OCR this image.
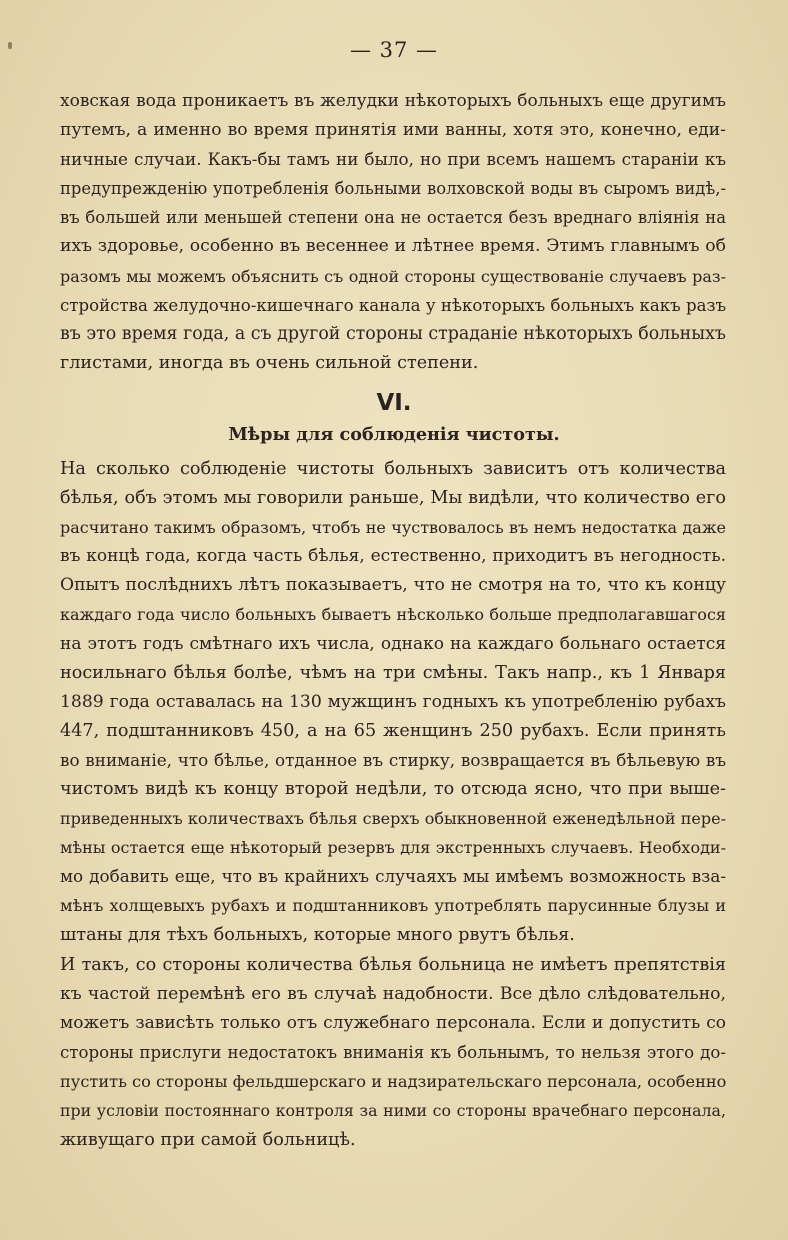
— 37 —
ховская вода проникаетъ въ желудки нѣкоторыхъ больныхъ еще другимъ
путемъ, а именно во время принятія ими ванны, хотя это, конечно, еди-
ничные случаи. Какъ-бы тамъ ни было, но при всемъ нашемъ стараніи къ
предупрежденію употребленія больными волховской воды въ сыромъ видѣ,-
въ большей или меньшей степени она не остается безъ вреднаго вліянія на
ихъ здоровье, особенно въ весеннее и лѣтнее время. Этимъ главнымъ об
разомъ мы можемъ объяснить съ одной стороны существованіе случаевъ раз-
стройства желудочно-кишечнаго канала у нѣкоторыхъ больныхъ какъ разъ
въ это время года, а съ другой стороны страданіе нѣкоторыхъ больныхъ
глистами, иногда въ очень сильной степени.
VI.
Мѣры для соблюденія чистоты.
На сколько соблюденіе чистоты больныхъ зависитъ отъ количества
бѣлья, объ этомъ мы говорили раньше, Мы видѣли, что количество его
расчитано такимъ образомъ, чтобъ не чуствовалось въ немъ недостатка даже
въ концѣ года, когда часть бѣлья, естественно, приходитъ въ негодность.
Опытъ послѣднихъ лѣтъ показываетъ, что не смотря на то, что къ концу
каждаго года число больныхъ бываетъ нѣсколько больше предполагавшагося
на этотъ годъ смѣтнаго ихъ числа, однако на каждаго больнаго остается
носильнаго бѣлья болѣе, чѣмъ на три смѣны. Такъ напр., къ 1 Января
1889 года оставалась на 130 мужщинъ годныхъ къ употребленію рубахъ
447, подштанниковъ 450, а на 65 женщинъ 250 рубахъ. Если принять
во вниманіе, что бѣлье, отданное въ стирку, возвращается въ бѣльевую въ
чистомъ видѣ къ концу второй недѣли, то отсюда ясно, что при выше-
приведенныхъ количествахъ бѣлья сверхъ обыкновенной еженедѣльной пере-
мѣны остается еще нѣкоторый резервъ для экстренныхъ случаевъ. Необходи-
мо добавить еще, что въ крайнихъ случаяхъ мы имѣемъ возможность вза-
мѣнъ холщевыхъ рубахъ и подштанниковъ употреблять парусинные блузы и
штаны для тѣхъ больныхъ, которые много рвутъ бѣлья.
И такъ, со стороны количества бѣлья больница не имѣетъ препятствія
къ частой перемѣнѣ его въ случаѣ надобности. Все дѣло слѣдовательно,
можетъ зависѣть только отъ служебнаго персонала. Если и допустить со
стороны прислуги недостатокъ вниманія къ больнымъ, то нельзя этого до-
пустить со стороны фельдшерскаго и надзирательскаго персонала, особенно
при условіи постояннаго контроля за ними со стороны врачебнаго персонала,
живущаго при самой больницѣ.
